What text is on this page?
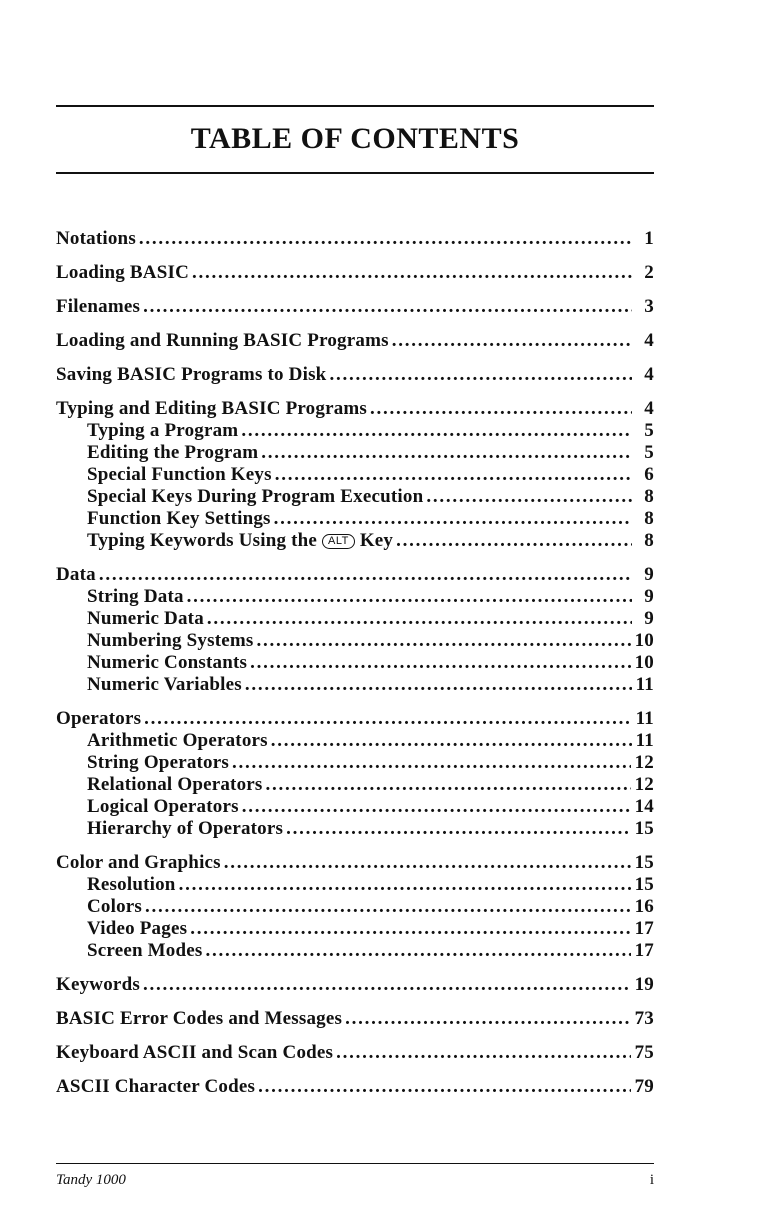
TABLE OF CONTENTS
Notations . . .	1
Loading BASIC . . .	2
Filenames . . .	3
Loading and Running BASIC Programs . . .	4
Saving BASIC Programs to Disk . . .	4
Typing and Editing BASIC Programs . . .	4
Typing a Program . . .	5
Editing the Program . . .	5
Special Function Keys . . .	6
Special Keys During Program Execution . . .	8
Function Key Settings . . .	8
Typing Keywords Using the ALT Key . . .	8
Data . . .	9
String Data . . .	9
Numeric Data . . .	9
Numbering Systems . . .	10
Numeric Constants . . .	10
Numeric Variables . . .	11
Operators . . .	11
Arithmetic Operators . . .	11
String Operators . . .	12
Relational Operators . . .	12
Logical Operators . . .	14
Hierarchy of Operators . . .	15
Color and Graphics . . .	15
Resolution . . .	15
Colors . . .	16
Video Pages . . .	17
Screen Modes . . .	17
Keywords . . .	19
BASIC Error Codes and Messages . . .	73
Keyboard ASCII and Scan Codes . . .	75
ASCII Character Codes . . .	79
Tandy 1000	i
